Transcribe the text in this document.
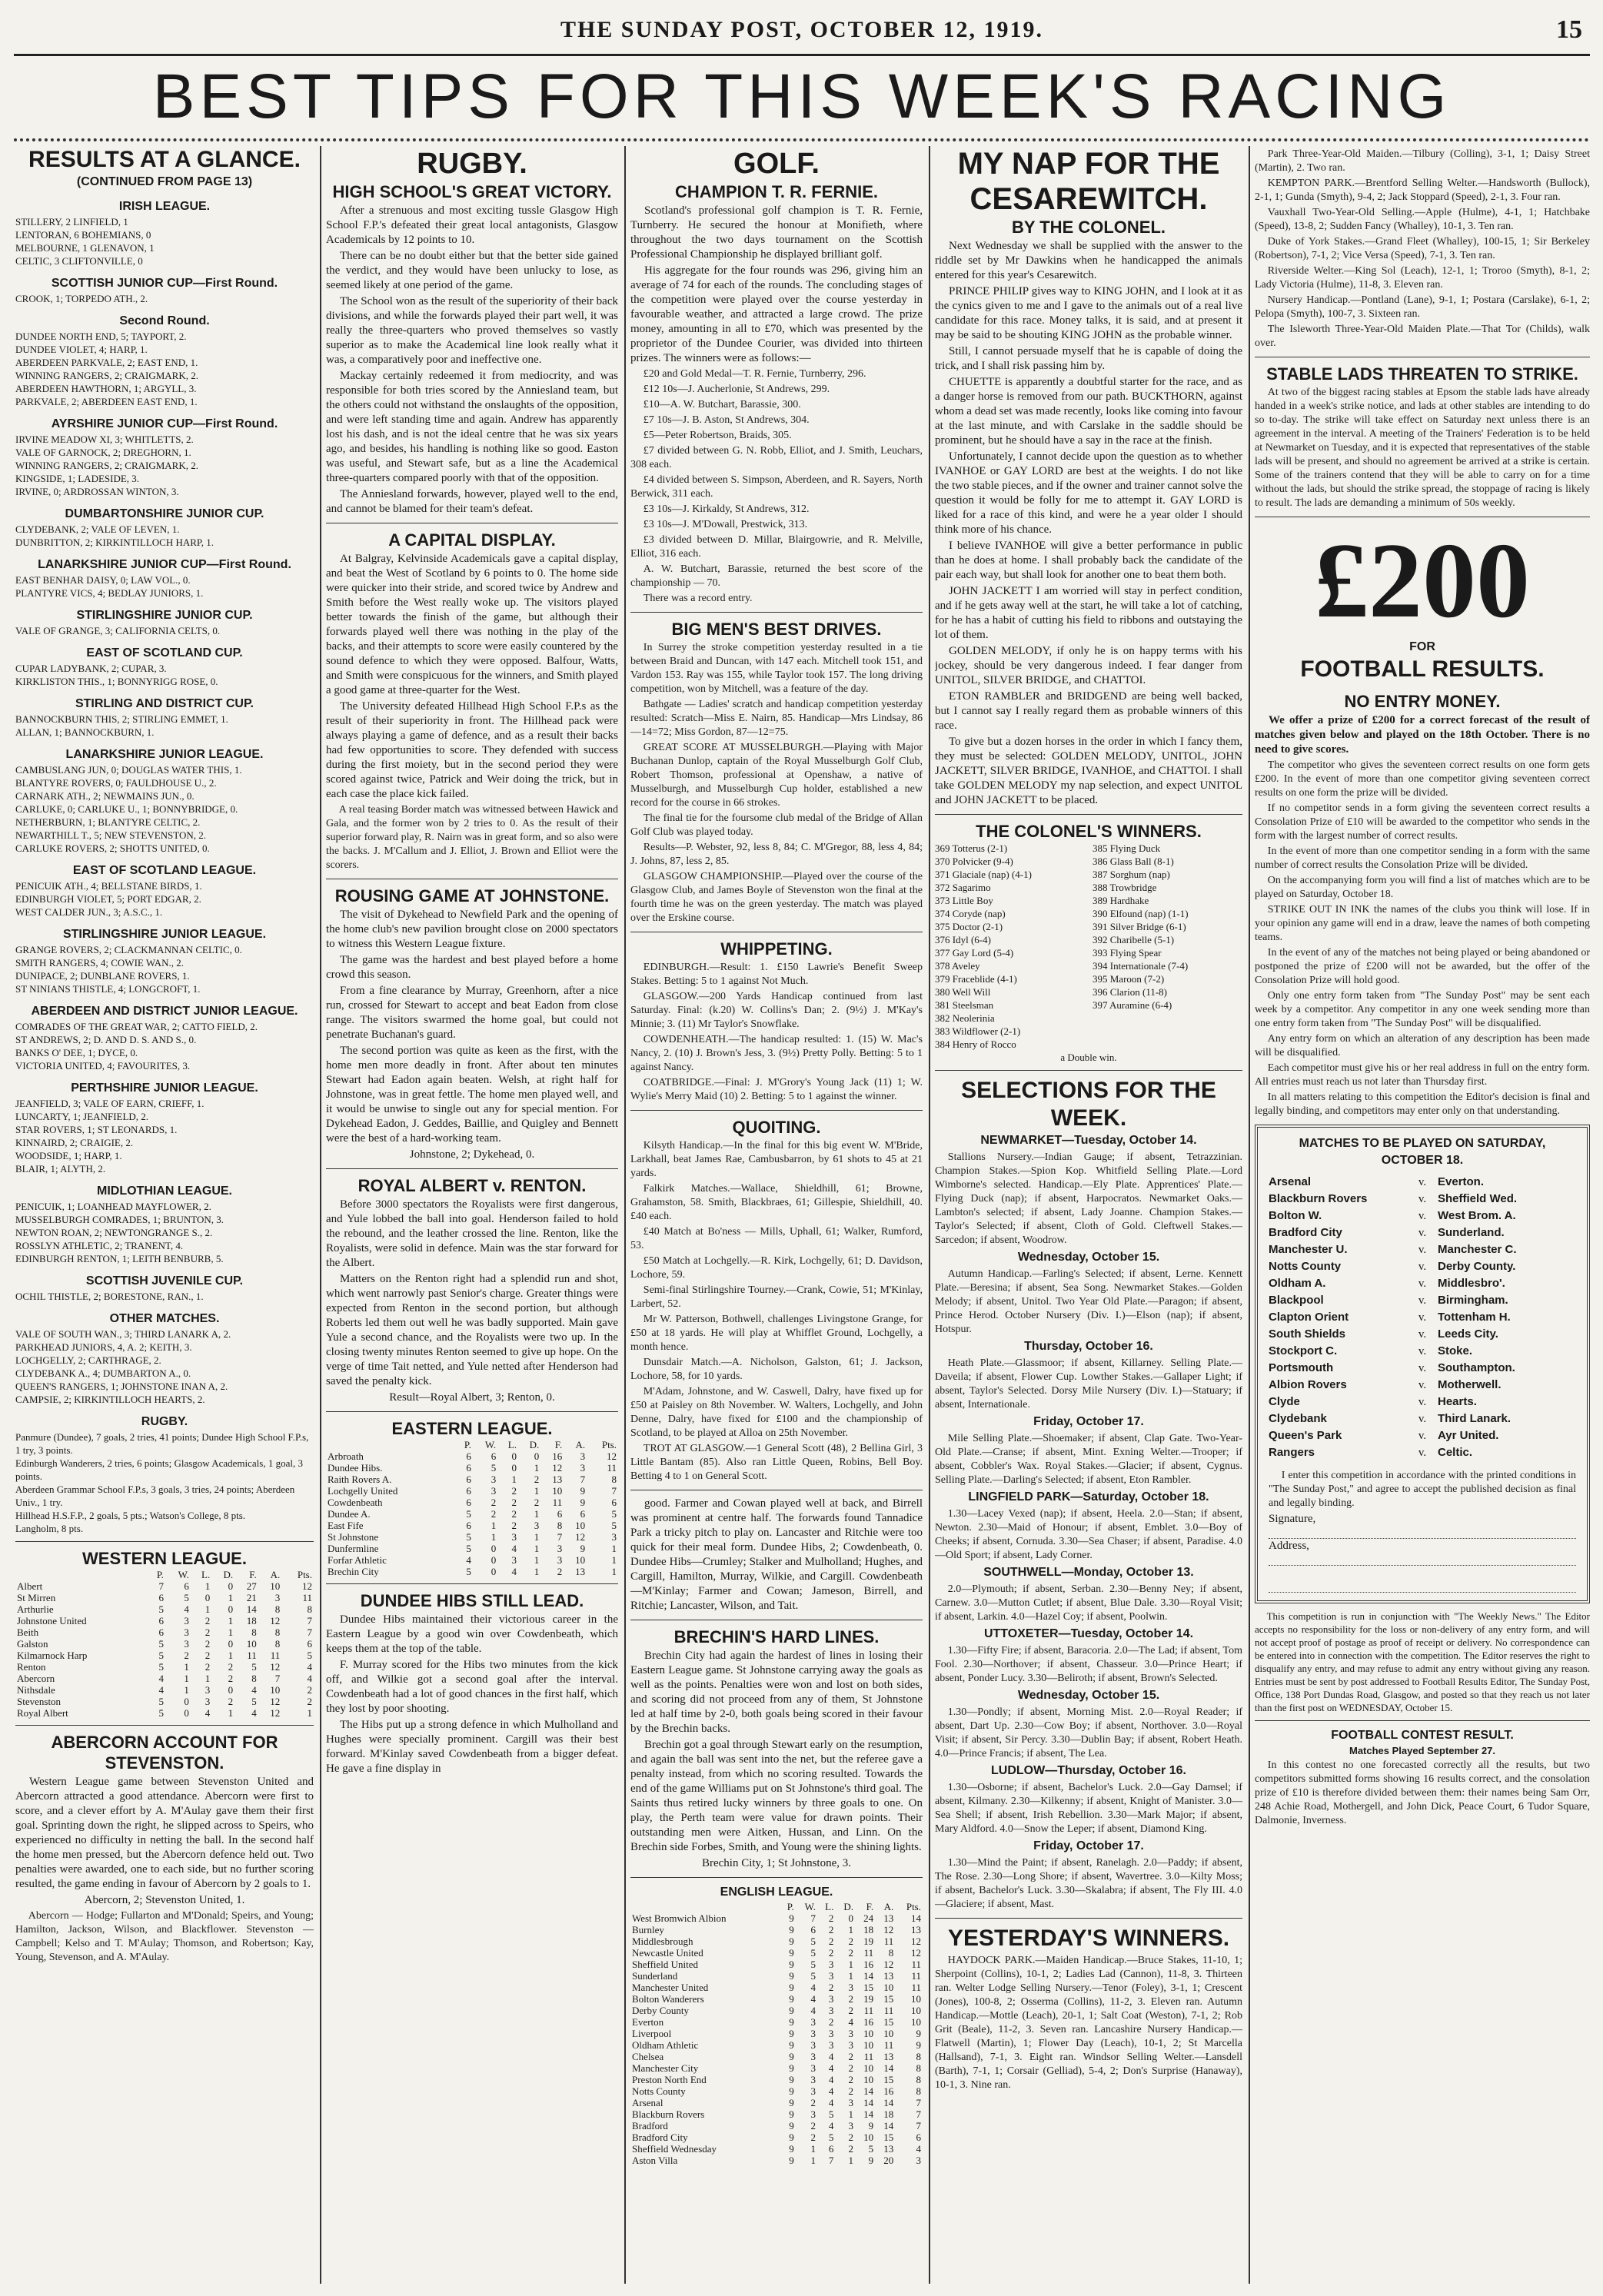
THE SUNDAY POST, OCTOBER 12, 1919.	15
BEST TIPS FOR THIS WEEK'S RACING
RESULTS AT A GLANCE.
(CONTINUED FROM PAGE 13)
IRISH LEAGUE.
STILLERY, 2 LINFIELD, 1
LENTORAN, 6 BOHEMIANS, 0
MELBOURNE, 1 GLENAVON, 1
CELTIC, 3 CLIFTONVILLE, 0
SCOTTISH JUNIOR CUP—First Round.
CROOK, 1; TORPEDO ATH., 2.
Second Round.
DUNDEE NORTH END, 5; TAYPORT, 2.
DUNDEE VIOLET, 4; HARP, 1.
ABERDEEN PARKVALE, 2; EAST END, 1.
WINNING RANGERS, 2; CRAIGMARK, 2.
ABERDEEN HAWTHORN, 1; ARGYLL, 3.
PARKVALE, 2; ABERDEEN EAST END, 1.
AYRSHIRE JUNIOR CUP—First Round.
IRVINE MEADOW XI, 3; WHITLETTS, 2.
VALE OF GARNOCK, 2; DREGHORN, 1.
WINNING RANGERS, 2; CRAIGMARK, 2.
KINGSIDE, 1; LADESIDE, 3.
IRVINE, 0; ARDROSSAN WINTON, 3.
DUMBARTONSHIRE JUNIOR CUP.
CLYDEBANK, 2; VALE OF LEVEN, 1.
DUNBRITTON, 2; KIRKINTILLOCH HARP, 1.
LANARKSHIRE JUNIOR CUP—First Round.
EAST BENHAR DAISY, 0; LAW VOL., 0.
PLANTYRE VICS, 4; BEDLAY JUNIORS, 1.
STIRLINGSHIRE JUNIOR CUP.
VALE OF GRANGE, 3; CALIFORNIA CELTS, 0.
EAST OF SCOTLAND CUP.
CUPAR LADYBANK, 2; CUPAR, 3.
KIRKLISTON THIS., 1; BONNYRIGG ROSE, 0.
STIRLING AND DISTRICT CUP.
BANNOCKBURN THIS, 2; STIRLING EMMET, 1.
ALLAN, 1; BANNOCKBURN, 1.
LANARKSHIRE JUNIOR LEAGUE.
CAMBUSLANG JUN, 0; DOUGLAS WATER THIS, 1.
BLANTYRE ROVERS, 0; FAULDHOUSE U., 2.
CARNARK ATH., 2; NEWMAINS JUN., 0.
CARLUKE, 0; CARLUKE U., 1; BONNYBRIDGE, 0.
NETHERBURN, 1; BLANTYRE CELTIC, 2.
NEWARTHILL T., 5; NEW STEVENSTON, 2.
CARLUKE ROVERS, 2; SHOTTS UNITED, 0.
EAST OF SCOTLAND LEAGUE.
PENICUIK ATH., 4; BELLSTANE BIRDS, 1.
EDINBURGH VIOLET, 5; PORT EDGAR, 2.
WEST CALDER JUN., 3; A.S.C., 1.
STIRLINGSHIRE JUNIOR LEAGUE.
GRANGE ROVERS, 2; CLACKMANNAN CELTIC, 0.
SMITH RANGERS, 4; COWIE WAN., 2.
DUNIPACE, 2; DUNBLANE ROVERS, 1.
ST NINIANS THISTLE, 4; LONGCROFT, 1.
ABERDEEN AND DISTRICT JUNIOR LEAGUE.
COMRADES OF THE GREAT WAR, 2; CATTO FIELD, 2.
ST ANDREWS, 2; D. AND D. S. AND S., 0.
BANKS O' DEE, 1; DYCE, 0.
VICTORIA UNITED, 4; FAVOURITES, 3.
PERTHSHIRE JUNIOR LEAGUE.
JEANFIELD, 3; VALE OF EARN, CRIEFF, 1.
LUNCARTY, 1; JEANFIELD, 2.
STAR ROVERS, 1; ST LEONARDS, 1.
KINNAIRD, 2; CRAIGIE, 2.
WOODSIDE, 1; HARP, 1.
BLAIR, 1; ALYTH, 2.
MIDLOTHIAN LEAGUE.
PENICUIK, 1; LOANHEAD MAYFLOWER, 2.
MUSSELBURGH COMRADES, 1; BRUNTON, 3.
NEWTON ROAN, 2; NEWTONGRANGE S., 2.
ROSSLYN ATHLETIC, 2; TRANENT, 4.
EDINBURGH RENTON, 1; LEITH BENBURB, 5.
SCOTTISH JUVENILE CUP.
OCHIL THISTLE, 2; BORESTONE, RAN., 1.
OTHER MATCHES.
VALE OF SOUTH WAN., 3; THIRD LANARK A, 2.
PARKHEAD JUNIORS, 4, A. 2; KEITH, 3.
LOCHGELLY, 2; CARTHRAGE, 2.
CLYDEBANK A., 4; DUMBARTON A., 0.
QUEEN'S RANGERS, 1; JOHNSTONE INAN A, 2.
CAMPSIE, 2; KIRKINTILLOCH HEARTS, 2.
RUGBY.
Panmure (Dundee), 7 goals, 2 tries, 41 points; Dundee High School F.P.s, 1 try, 3 points.
Edinburgh Wanderers, 2 tries, 6 points; Glasgow Academicals, 1 goal, 3 points.
Aberdeen Grammar School F.P.s, 3 goals, 3 tries, 24 points; Aberdeen Univ., 1 try.
Hillhead H.S.F.P., 2 goals, 5 pts.; Watson's College, 8 pts.
Langholm, 8 pts.
WESTERN LEAGUE.
	P.	W.	L.	D.	F.	A.	Pts.
Albert	7	6	1	0	27	10	12
St Mirren	6	5	0	1	21	3	11
Arthurlie	5	4	1	0	14	8	8
Johnstone United	6	3	2	1	18	12	7
Beith	6	3	2	1	8	8	7
Galston	5	3	2	0	10	8	6
Kilmarnock Harp	5	2	2	1	11	11	5
Renton	5	1	2	2	5	12	4
Abercorn	4	1	1	2	8	7	4
Nithsdale	4	1	3	0	4	10	2
Stevenston	5	0	3	2	5	12	2
Royal Albert	5	0	4	1	4	12	1
ABERCORN ACCOUNT FOR STEVENSTON.
Western League game between Stevenston United and Abercorn attracted a good attendance. Abercorn were first to score, and a clever effort by A. M'Aulay gave them their first goal. Sprinting down the right, he slipped across to Speirs, who experienced no difficulty in netting the ball. In the second half the home men pressed, but the Abercorn defence held out. Two penalties were awarded, one to each side, but no further scoring resulted, the game ending in favour of Abercorn by 2 goals to 1.
Abercorn, 2; Stevenston United, 1.
Abercorn — Hodge; Fullarton and M'Donald; Speirs, and Young; Hamilton, Jackson, Wilson, and Blackflower. Stevenston — Campbell; Kelso and T. M'Aulay; Thomson, and Robertson; Kay, Young, Stevenson, and A. M'Aulay.
RUGBY.
HIGH SCHOOL'S GREAT VICTORY.
After a strenuous and most exciting tussle Glasgow High School F.P.'s defeated their great local antagonists, Glasgow Academicals by 12 points to 10.
There can be no doubt either but that the better side gained the verdict, and they would have been unlucky to lose, as seemed likely at one period of the game.
The School won as the result of the superiority of their back divisions, and while the forwards played their part well, it was really the three-quarters who proved themselves so vastly superior as to make the Academical line look really what it was, a comparatively poor and ineffective one.
Mackay certainly redeemed it from mediocrity, and was responsible for both tries scored by the Anniesland team, but the others could not withstand the onslaughts of the opposition, and were left standing time and again. Andrew has apparently lost his dash, and is not the ideal centre that he was six years ago, and besides, his handling is nothing like so good. Easton was useful, and Stewart safe, but as a line the Academical three-quarters compared poorly with that of the opposition.
The Anniesland forwards, however, played well to the end, and cannot be blamed for their team's defeat.
A CAPITAL DISPLAY.
At Balgray, Kelvinside Academicals gave a capital display, and beat the West of Scotland by 6 points to 0. The home side were quicker into their stride, and scored twice by Andrew and Smith before the West really woke up. The visitors played better towards the finish of the game, but although their forwards played well there was nothing in the play of the backs, and their attempts to score were easily countered by the sound defence to which they were opposed. Balfour, Watts, and Smith were conspicuous for the winners, and Smith played a good game at three-quarter for the West.
The University defeated Hillhead High School F.P.s as the result of their superiority in front. The Hillhead pack were always playing a game of defence, and as a result their backs had few opportunities to score. They defended with success during the first moiety, but in the second period they were scored against twice, Patrick and Weir doing the trick, but in each case the place kick failed.
A real teasing Border match was witnessed between Hawick and Gala, and the former won by 2 tries to 0. As the result of their superior forward play, R. Nairn was in great form, and so also were the backs. J. M'Callum and J. Elliot, J. Brown and Elliot were the scorers.
ROUSING GAME AT JOHNSTONE.
The visit of Dykehead to Newfield Park and the opening of the home club's new pavilion brought close on 2000 spectators to witness this Western League fixture.
The game was the hardest and best played before a home crowd this season.
From a fine clearance by Murray, Greenhorn, after a nice run, crossed for Stewart to accept and beat Eadon from close range. The visitors swarmed the home goal, but could not penetrate Buchanan's guard.
The second portion was quite as keen as the first, with the home men more deadly in front. After about ten minutes Stewart had Eadon again beaten. Welsh, at right half for Johnstone, was in great fettle. The home men played well, and it would be unwise to single out any for special mention. For Dykehead Eadon, J. Geddes, Baillie, and Quigley and Bennett were the best of a hard-working team.
Johnstone, 2; Dykehead, 0.
ROYAL ALBERT v. RENTON.
Before 3000 spectators the Royalists were first dangerous, and Yule lobbed the ball into goal. Henderson failed to hold the rebound, and the leather crossed the line. Renton, like the Royalists, were solid in defence. Main was the star forward for the Albert.
Matters on the Renton right had a splendid run and shot, which went narrowly past Senior's charge. Greater things were expected from Renton in the second portion, but although Roberts led them out well he was badly supported. Main gave Yule a second chance, and the Royalists were two up. In the closing twenty minutes Renton seemed to give up hope. On the verge of time Tait netted, and Yule netted after Henderson had saved the penalty kick.
Result—Royal Albert, 3; Renton, 0.
EASTERN LEAGUE.
	P.	W.	L.	D.	F.	A.	Pts.
Arbroath	6	6	0	0	16	3	12
Dundee Hibs.	6	5	0	1	12	3	11
Raith Rovers A.	6	3	1	2	13	7	8
Lochgelly United	6	3	2	1	10	9	7
Cowdenbeath	6	2	2	2	11	9	6
Dundee A.	5	2	2	1	6	6	5
East Fife	6	1	2	3	8	10	5
St Johnstone	5	1	3	1	7	12	3
Dunfermline	5	0	4	1	3	9	1
Forfar Athletic	4	0	3	1	3	10	1
Brechin City	5	0	4	1	2	13	1
DUNDEE HIBS STILL LEAD.
Dundee Hibs maintained their victorious career in the Eastern League by a good win over Cowdenbeath, which keeps them at the top of the table.
F. Murray scored for the Hibs two minutes from the kick off, and Wilkie got a second goal after the interval. Cowdenbeath had a lot of good chances in the first half, which they lost by poor shooting.
The Hibs put up a strong defence in which Mulholland and Hughes were specially prominent. Cargill was their best forward. M'Kinlay saved Cowdenbeath from a bigger defeat. He gave a fine display in
GOLF.
CHAMPION T. R. FERNIE.
Scotland's professional golf champion is T. R. Fernie, Turnberry. He secured the honour at Monifieth, where throughout the two days tournament on the Scottish Professional Championship he displayed brilliant golf.
His aggregate for the four rounds was 296, giving him an average of 74 for each of the rounds. The concluding stages of the competition were played over the course yesterday in favourable weather, and attracted a large crowd. The prize money, amounting in all to £70, which was presented by the proprietor of the Dundee Courier, was divided into thirteen prizes. The winners were as follows:—
£20 and Gold Medal—T. R. Fernie, Turnberry, 296.
£12 10s—J. Aucherlonie, St Andrews, 299.
£10—A. W. Butchart, Barassie, 300.
£7 10s—J. B. Aston, St Andrews, 304.
£5—Peter Robertson, Braids, 305.
£7 divided between G. N. Robb, Elliot, and J. Smith, Leuchars, 308 each.
£4 divided between S. Simpson, Aberdeen, and R. Sayers, North Berwick, 311 each.
£3 10s—J. Kirkaldy, St Andrews, 312.
£3 10s—J. M'Dowall, Prestwick, 313.
£3 divided between D. Millar, Blairgowrie, and R. Melville, Elliot, 316 each.
A. W. Butchart, Barassie, returned the best score of the championship — 70.
There was a record entry.
BIG MEN'S BEST DRIVES.
In Surrey the stroke competition yesterday resulted in a tie between Braid and Duncan, with 147 each. Mitchell took 151, and Vardon 153. Ray was 155, while Taylor took 157. The long driving competition, won by Mitchell, was a feature of the day.
Bathgate — Ladies' scratch and handicap competition yesterday resulted: Scratch—Miss E. Nairn, 85. Handicap—Mrs Lindsay, 86—14=72; Miss Gordon, 87—12=75.
GREAT SCORE AT MUSSELBURGH.—Playing with Major Buchanan Dunlop, captain of the Royal Musselburgh Golf Club, Robert Thomson, professional at Openshaw, a native of Musselburgh, and Musselburgh Cup holder, established a new record for the course in 66 strokes.
The final tie for the foursome club medal of the Bridge of Allan Golf Club was played today.
Results—P. Webster, 92, less 8, 84; C. M'Gregor, 88, less 4, 84; J. Johns, 87, less 2, 85.
GLASGOW CHAMPIONSHIP.—Played over the course of the Glasgow Club, and James Boyle of Stevenston won the final at the fourth time he was on the green yesterday. The match was played over the Erskine course.
WHIPPETING.
EDINBURGH.—Result: 1. £150 Lawrie's Benefit Sweep Stakes. Betting: 5 to 1 against Not Much.
GLASGOW.—200 Yards Handicap continued from last Saturday. Final: (k.20) W. Collins's Dan; 2. (9½) J. M'Kay's Minnie; 3. (11) Mr Taylor's Snowflake.
COWDENHEATH.—The handicap resulted: 1. (15) W. Mac's Nancy, 2. (10) J. Brown's Jess, 3. (9½) Pretty Polly. Betting: 5 to 1 against Nancy.
COATBRIDGE.—Final: J. M'Grory's Young Jack (11) 1; W. Wylie's Merry Maid (10) 2. Betting: 5 to 1 against the winner.
QUOITING.
Kilsyth Handicap.—In the final for this big event W. M'Bride, Larkhall, beat James Rae, Cambusbarron, by 61 shots to 45 at 21 yards.
Falkirk Matches.—Wallace, Shieldhill, 61; Browne, Grahamston, 58. Smith, Blackbraes, 61; Gillespie, Shieldhill, 40. £40 each.
£40 Match at Bo'ness — Mills, Uphall, 61; Walker, Rumford, 53.
£50 Match at Lochgelly.—R. Kirk, Lochgelly, 61; D. Davidson, Lochore, 59.
Semi-final Stirlingshire Tourney.—Crank, Cowie, 51; M'Kinlay, Larbert, 52.
Mr W. Patterson, Bothwell, challenges Livingstone Grange, for £50 at 18 yards. He will play at Whifflet Ground, Lochgelly, a month hence.
Dunsdair Match.—A. Nicholson, Galston, 61; J. Jackson, Lochore, 58, for 10 yards.
M'Adam, Johnstone, and W. Caswell, Dalry, have fixed up for £50 at Paisley on 8th November. W. Walters, Lochgelly, and John Denne, Dalry, have fixed for £100 and the championship of Scotland, to be played at Alloa on 25th November.
TROT AT GLASGOW.—1 General Scott (48), 2 Bellina Girl, 3 Little Bantam (85). Also ran Little Queen, Robins, Bell Boy. Betting 4 to 1 on General Scott.
good. Farmer and Cowan played well at back, and Birrell was prominent at centre half. The forwards found Tannadice Park a tricky pitch to play on. Lancaster and Ritchie were too quick for their meal form. Dundee Hibs, 2; Cowdenbeath, 0. Dundee Hibs—Crumley; Stalker and Mulholland; Hughes, and Cargill, Hamilton, Murray, Wilkie, and Cargill. Cowdenbeath—M'Kinlay; Farmer and Cowan; Jameson, Birrell, and Ritchie; Lancaster, Wilson, and Tait.
BRECHIN'S HARD LINES.
Brechin City had again the hardest of lines in losing their Eastern League game. St Johnstone carrying away the goals as well as the points. Penalties were won and lost on both sides, and scoring did not proceed from any of them, St Johnstone led at half time by 2-0, both goals being scored in their favour by the Brechin backs.
Brechin got a goal through Stewart early on the resumption, and again the ball was sent into the net, but the referee gave a penalty instead, from which no scoring resulted. Towards the end of the game Williams put on St Johnstone's third goal. The Saints thus retired lucky winners by three goals to one. On play, the Perth team were value for drawn points. Their outstanding men were Aitken, Hussan, and Linn. On the Brechin side Forbes, Smith, and Young were the shining lights.
Brechin City, 1; St Johnstone, 3.
ENGLISH LEAGUE.
	P.	W.	L.	D.	F.	A.	Pts.
West Bromwich Albion	9	7	2	0	24	13	14
Burnley	9	6	2	1	18	12	13
Middlesbrough	9	5	2	2	19	11	12
Newcastle United	9	5	2	2	11	8	12
Sheffield United	9	5	3	1	16	12	11
Sunderland	9	5	3	1	14	13	11
Manchester United	9	4	2	3	15	10	11
Bolton Wanderers	9	4	3	2	19	15	10
Derby County	9	4	3	2	11	11	10
Everton	9	3	2	4	16	15	10
Liverpool	9	3	3	3	10	10	9
Oldham Athletic	9	3	3	3	10	11	9
Chelsea	9	3	4	2	11	13	8
Manchester City	9	3	4	2	10	14	8
Preston North End	9	3	4	2	10	15	8
Notts County	9	3	4	2	14	16	8
Arsenal	9	2	4	3	14	14	7
Blackburn Rovers	9	3	5	1	14	18	7
Bradford	9	2	4	3	9	14	7
Bradford City	9	2	5	2	10	15	6
Sheffield Wednesday	9	1	6	2	5	13	4
Aston Villa	9	1	7	1	9	20	3
MY NAP FOR THE CESAREWITCH.
BY THE COLONEL.
Next Wednesday we shall be supplied with the answer to the riddle set by Mr Dawkins when he handicapped the animals entered for this year's Cesarewitch.
PRINCE PHILIP gives way to KING JOHN, and I look at it as the cynics given to me and I gave to the animals out of a real live candidate for this race. Money talks, it is said, and at present it may be said to be shouting KING JOHN as the probable winner.
Still, I cannot persuade myself that he is capable of doing the trick, and I shall risk passing him by.
CHUETTE is apparently a doubtful starter for the race, and as a danger horse is removed from our path. BUCKTHORN, against whom a dead set was made recently, looks like coming into favour at the last minute, and with Carslake in the saddle should be prominent, but he should have a say in the race at the finish.
Unfortunately, I cannot decide upon the question as to whether IVANHOE or GAY LORD are best at the weights. I do not like the two stable pieces, and if the owner and trainer cannot solve the question it would be folly for me to attempt it. GAY LORD is liked for a race of this kind, and were he a year older I should think more of his chance.
I believe IVANHOE will give a better performance in public than he does at home. I shall probably back the candidate of the pair each way, but shall look for another one to beat them both.
JOHN JACKETT I am worried will stay in perfect condition, and if he gets away well at the start, he will take a lot of catching, for he has a habit of cutting his field to ribbons and outstaying the lot of them.
GOLDEN MELODY, if only he is on happy terms with his jockey, should be very dangerous indeed. I fear danger from UNITOL, SILVER BRIDGE, and CHATTOI.
ETON RAMBLER and BRIDGEND are being well backed, but I cannot say I really regard them as probable winners of this race.
To give but a dozen horses in the order in which I fancy them, they must be selected: GOLDEN MELODY, UNITOL, JOHN JACKETT, SILVER BRIDGE, IVANHOE, and CHATTOI. I shall take GOLDEN MELODY my nap selection, and expect UNITOL and JOHN JACKETT to be placed.
THE COLONEL'S WINNERS.
369 Totterus (2-1)
370 Polvicker (9-4)
371 Glaciale (nap) (4-1)
372 Sagarimo
373 Little Boy
374 Coryde (nap)
375 Doctor (2-1)
376 Idyl (6-4)
377 Gay Lord (5-4)
378 Aveley
379 Fraceblide (4-1)
380 Well Will
381 Steelsman
382 Neolerinia
383 Wildflower (2-1)
384 Henry of Rocco
385 Flying Duck
386 Glass Ball (8-1)
387 Sorghum (nap)
388 Trowbridge
389 Hardhake
390 Elfound (nap) (1-1)
391 Silver Bridge (6-1)
392 Charibelle (5-1)
393 Flying Spear
394 Internationale (7-4)
395 Maroon (7-2)
396 Clarion (11-8)
397 Auramine (6-4)
a Double win.
SELECTIONS FOR THE WEEK.
NEWMARKET—Tuesday, October 14.
Stallions Nursery.—Indian Gauge; if absent, Tetrazzinian. Champion Stakes.—Spion Kop. Whitfield Selling Plate.—Lord Wimborne's selected. Handicap.—Ely Plate. Apprentices' Plate.—Flying Duck (nap); if absent, Harpocratos. Newmarket Oaks.—Lambton's selected; if absent, Lady Joanne. Champion Stakes.—Taylor's Selected; if absent, Cloth of Gold. Cleftwell Stakes.—Sarcedon; if absent, Woodrow.
Wednesday, October 15.
Autumn Handicap.—Farling's Selected; if absent, Lerne. Kennett Plate.—Beresina; if absent, Sea Song. Newmarket Stakes.—Golden Melody; if absent, Unitol. Two Year Old Plate.—Paragon; if absent, Prince Herod. October Nursery (Div. I.)—Elson (nap); if absent, Hotspur.
Thursday, October 16.
Heath Plate.—Glassmoor; if absent, Killarney. Selling Plate.—Daveila; if absent, Flower Cup. Lowther Stakes.—Gallaper Light; if absent, Taylor's Selected. Dorsy Mile Nursery (Div. I.)—Statuary; if absent, Internationale.
Friday, October 17.
Mile Selling Plate.—Shoemaker; if absent, Clap Gate. Two-Year-Old Plate.—Cranse; if absent, Mint. Exning Welter.—Trooper; if absent, Cobbler's Wax. Royal Stakes.—Glacier; if absent, Cygnus. Selling Plate.—Darling's Selected; if absent, Eton Rambler.
LINGFIELD PARK—Saturday, October 18.
1.30—Lacey Vexed (nap); if absent, Heela. 2.0—Stan; if absent, Newton. 2.30—Maid of Honour; if absent, Emblet. 3.0—Boy of Cheeks; if absent, Cornuda. 3.30—Sea Chaser; if absent, Paradise. 4.0—Old Sport; if absent, Lady Corner.
SOUTHWELL—Monday, October 13.
2.0—Plymouth; if absent, Serban. 2.30—Benny Ney; if absent, Carnew. 3.0—Mutton Cutlet; if absent, Blue Dale. 3.30—Royal Visit; if absent, Larkin. 4.0—Hazel Coy; if absent, Poolwin.
UTTOXETER—Tuesday, October 14.
1.30—Fifty Fire; if absent, Baracoria. 2.0—The Lad; if absent, Tom Fool. 2.30—Northover; if absent, Chasseur. 3.0—Prince Heart; if absent, Ponder Lucy. 3.30—Beliroth; if absent, Brown's Selected.
Wednesday, October 15.
1.30—Pondly; if absent, Morning Mist. 2.0—Royal Reader; if absent, Dart Up. 2.30—Cow Boy; if absent, Northover. 3.0—Royal Visit; if absent, Sir Percy. 3.30—Dublin Bay; if absent, Robert Heath. 4.0—Prince Francis; if absent, The Lea.
LUDLOW—Thursday, October 16.
1.30—Osborne; if absent, Bachelor's Luck. 2.0—Gay Damsel; if absent, Kilmany. 2.30—Kilkenny; if absent, Knight of Manister. 3.0—Sea Shell; if absent, Irish Rebellion. 3.30—Mark Major; if absent, Mary Aldford. 4.0—Snow the Leper; if absent, Diamond King.
Friday, October 17.
1.30—Mind the Paint; if absent, Ranelagh. 2.0—Paddy; if absent, The Rose. 2.30—Long Shore; if absent, Wavertree. 3.0—Kilty Moss; if absent, Bachelor's Luck. 3.30—Skalabra; if absent, The Fly III. 4.0—Glaciere; if absent, Mast.
YESTERDAY'S WINNERS.
HAYDOCK PARK.—Maiden Handicap.—Bruce Stakes, 11-10, 1; Sherpoint (Collins), 10-1, 2; Ladies Lad (Cannon), 11-8, 3. Thirteen ran. Welter Lodge Selling Nursery.—Tenor (Foley), 3-1, 1; Crescent (Jones), 100-8, 2; Osserma (Collins), 11-2, 3. Eleven ran. Autumn Handicap.—Mottle (Leach), 20-1, 1; Salt Coat (Weston), 7-1, 2; Rob Grit (Beale), 11-2, 3. Seven ran. Lancashire Nursery Handicap.—Flatwell (Martin), 1; Flower Day (Leach), 10-1, 2; St Marcella (Hallsand), 7-1, 3. Eight ran. Windsor Selling Welter.—Lansdell (Barth), 7-1, 1; Corsair (Gelliad), 5-4, 2; Don's Surprise (Hanaway), 10-1, 3. Nine ran.
Park Three-Year-Old Maiden.—Tilbury (Colling), 3-1, 1; Daisy Street (Martin), 2. Two ran.
KEMPTON PARK.—Brentford Selling Welter.—Handsworth (Bullock), 2-1, 1; Gunda (Smyth), 9-4, 2; Jack Stoppard (Speed), 2-1, 3. Four ran.
Vauxhall Two-Year-Old Selling.—Apple (Hulme), 4-1, 1; Hatchbake (Speed), 13-8, 2; Sudden Fancy (Whalley), 10-1, 3. Ten ran.
Duke of York Stakes.—Grand Fleet (Whalley), 100-15, 1; Sir Berkeley (Robertson), 7-1, 2; Vice Versa (Speed), 7-1, 3. Ten ran.
Riverside Welter.—King Sol (Leach), 12-1, 1; Troroo (Smyth), 8-1, 2; Lady Victoria (Hulme), 11-8, 3. Eleven ran.
Nursery Handicap.—Pontland (Lane), 9-1, 1; Postara (Carslake), 6-1, 2; Pelopa (Smyth), 100-7, 3. Sixteen ran.
The Isleworth Three-Year-Old Maiden Plate.—That Tor (Childs), walk over.
STABLE LADS THREATEN TO STRIKE.
At two of the biggest racing stables at Epsom the stable lads have already handed in a week's strike notice, and lads at other stables are intending to do so to-day. The strike will take effect on Saturday next unless there is an agreement in the interval. A meeting of the Trainers' Federation is to be held at Newmarket on Tuesday, and it is expected that representatives of the stable lads will be present, and should no agreement be arrived at a strike is certain. Some of the trainers contend that they will be able to carry on for a time without the lads, but should the strike spread, the stoppage of racing is likely to result. The lads are demanding a minimum of 50s weekly.
£200
FOR
FOOTBALL RESULTS.
NO ENTRY MONEY.
We offer a prize of £200 for a correct forecast of the result of matches given below and played on the 18th October. There is no need to give scores.
The competitor who gives the seventeen correct results on one form gets £200. In the event of more than one competitor giving seventeen correct results on one form the prize will be divided.
If no competitor sends in a form giving the seventeen correct results a Consolation Prize of £10 will be awarded to the competitor who sends in the form with the largest number of correct results.
In the event of more than one competitor sending in a form with the same number of correct results the Consolation Prize will be divided.
On the accompanying form you will find a list of matches which are to be played on Saturday, October 18.
STRIKE OUT IN INK the names of the clubs you think will lose. If in your opinion any game will end in a draw, leave the names of both competing teams.
In the event of any of the matches not being played or being abandoned or postponed the prize of £200 will not be awarded, but the offer of the Consolation Prize will hold good.
Only one entry form taken from "The Sunday Post" may be sent each week by a competitor. Any competitor in any one week sending more than one entry form taken from "The Sunday Post" will be disqualified.
Any entry form on which an alteration of any description has been made will be disqualified.
Each competitor must give his or her real address in full on the entry form. All entries must reach us not later than Thursday first.
In all matters relating to this competition the Editor's decision is final and legally binding, and competitors may enter only on that understanding.
MATCHES TO BE PLAYED ON SATURDAY, OCTOBER 18.
Arsenal	v. Everton.
Blackburn Rovers	v. Sheffield Wed.
Bolton W.	v. West Brom. A.
Bradford City	v. Sunderland.
Manchester U.	v. Manchester C.
Notts County	v. Derby County.
Oldham A.	v. Middlesbro'.
Blackpool	v. Birmingham.
Clapton Orient	v. Tottenham H.
South Shields	v. Leeds City.
Stockport C.	v. Stoke.
Portsmouth	v. Southampton.
Albion Rovers	v. Motherwell.
Clyde	v. Hearts.
Clydebank	v. Third Lanark.
Queen's Park	v. Ayr United.
Rangers	v. Celtic.
I enter this competition in accordance with the printed conditions in "The Sunday Post," and agree to accept the published decision as final and legally binding.
Signature,
Address,
This competition is run in conjunction with "The Weekly News." The Editor accepts no responsibility for the loss or non-delivery of any entry form, and will not accept proof of postage as proof of receipt or delivery. No correspondence can be entered into in connection with the competition. The Editor reserves the right to disqualify any entry, and may refuse to admit any entry without giving any reason. Entries must be sent by post addressed to Football Results Editor, The Sunday Post, Office, 138 Port Dundas Road, Glasgow, and posted so that they reach us not later than the first post on WEDNESDAY, October 15.
FOOTBALL CONTEST RESULT.
Matches Played September 27.
In this contest no one forecasted correctly all the results, but two competitors submitted forms showing 16 results correct, and the consolation prize of £10 is therefore divided between them: their names being Sam Orr, 248 Achie Road, Mothergell, and John Dick, Peace Court, 6 Tudor Square, Dalmonie, Inverness.
